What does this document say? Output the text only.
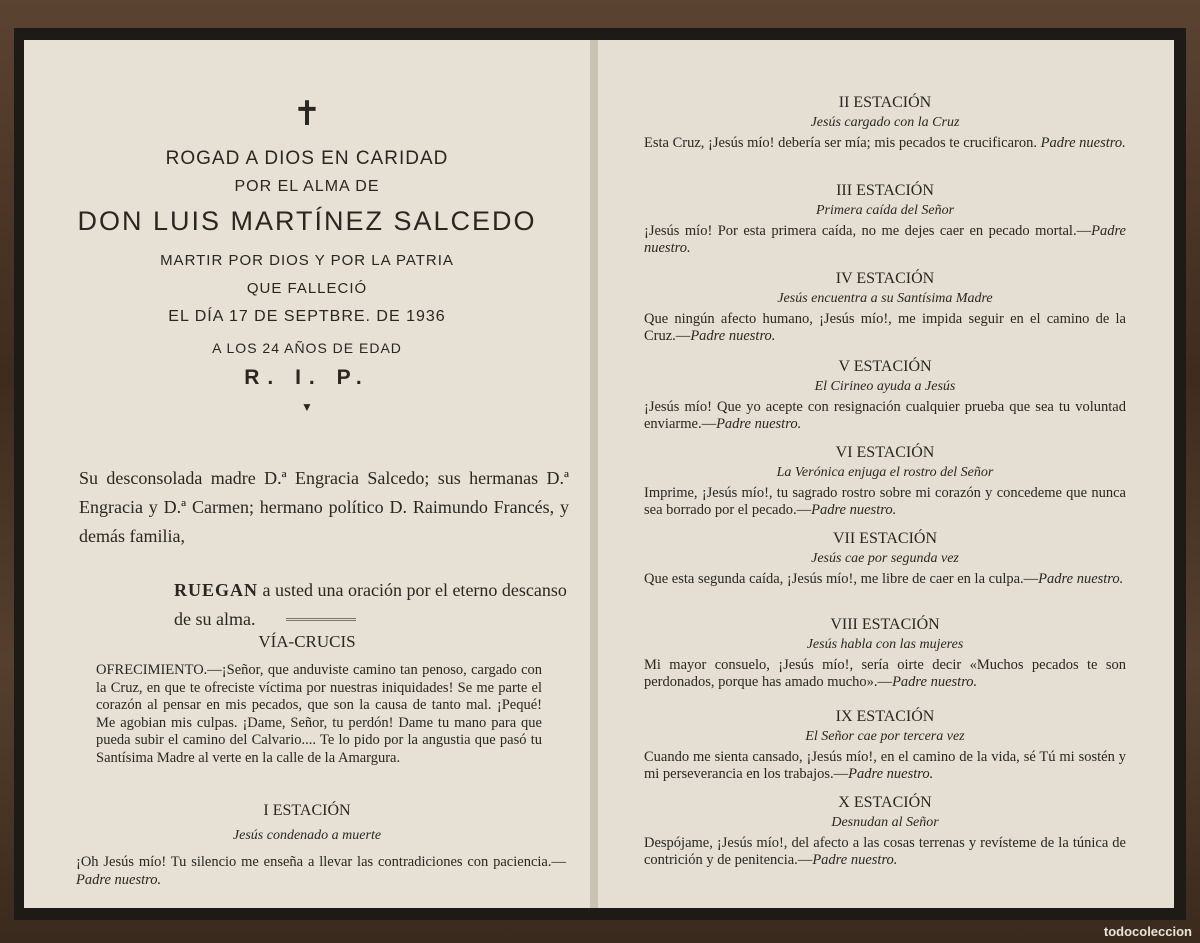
✝
ROGAD A DIOS EN CARIDAD
POR EL ALMA DE
DON LUIS MARTÍNEZ SALCEDO
MARTIR POR DIOS Y POR LA PATRIA
QUE FALLECIÓ
EL DÍA 17 DE SEPTBRE. DE 1936
A LOS 24 AÑOS DE EDAD
R. I. P.
▼
Su desconsolada madre D.ª Engracia Salcedo; sus hermanas D.ª Engracia y D.ª Carmen; hermano político D. Raimundo Francés, y demás familia,
RUEGAN a usted una oración por el eterno descanso de su alma.
VÍA-CRUCIS
OFRECIMIENTO.—¡Señor, que anduviste camino tan penoso, cargado con la Cruz, en que te ofreciste víctima por nuestras iniquidades! Se me parte el corazón al pensar en mis pecados, que son la causa de tanto mal. ¡Pequé! Me agobian mis culpas. ¡Dame, Señor, tu perdón! Dame tu mano para que pueda subir el camino del Calvario.... Te lo pido por la angustia que pasó tu Santísima Madre al verte en la calle de la Amargura.
I ESTACIÓN
Jesús condenado a muerte
¡Oh Jesús mío! Tu silencio me enseña a llevar las contradiciones con paciencia.—Padre nuestro.
II ESTACIÓN
Jesús cargado con la Cruz
Esta Cruz, ¡Jesús mío! debería ser mía; mis pecados te crucificaron. Padre nuestro.
III ESTACIÓN
Primera caída del Señor
¡Jesús mío! Por esta primera caída, no me dejes caer en pecado mortal.—Padre nuestro.
IV ESTACIÓN
Jesús encuentra a su Santísima Madre
Que ningún afecto humano, ¡Jesús mío!, me impida seguir en el camino de la Cruz.—Padre nuestro.
V ESTACIÓN
El Cirineo ayuda a Jesús
¡Jesús mío! Que yo acepte con resignación cualquier prueba que sea tu voluntad enviarme.—Padre nuestro.
VI ESTACIÓN
La Verónica enjuga el rostro del Señor
Imprime, ¡Jesús mío!, tu sagrado rostro sobre mi corazón y concedeme que nunca sea borrado por el pecado.—Padre nuestro.
VII ESTACIÓN
Jesús cae por segunda vez
Que esta segunda caída, ¡Jesús mío!, me libre de caer en la culpa.—Padre nuestro.
VIII ESTACIÓN
Jesús habla con las mujeres
Mi mayor consuelo, ¡Jesús mío!, sería oirte decir «Muchos pecados te son perdonados, porque has amado mucho».—Padre nuestro.
IX ESTACIÓN
El Señor cae por tercera vez
Cuando me sienta cansado, ¡Jesús mío!, en el camino de la vida, sé Tú mi sostén y mi perseverancia en los trabajos.—Padre nuestro.
X ESTACIÓN
Desnudan al Señor
Despójame, ¡Jesús mío!, del afecto a las cosas terrenas y revísteme de la túnica de contrición y de penitencia.—Padre nuestro.
todocoleccion
